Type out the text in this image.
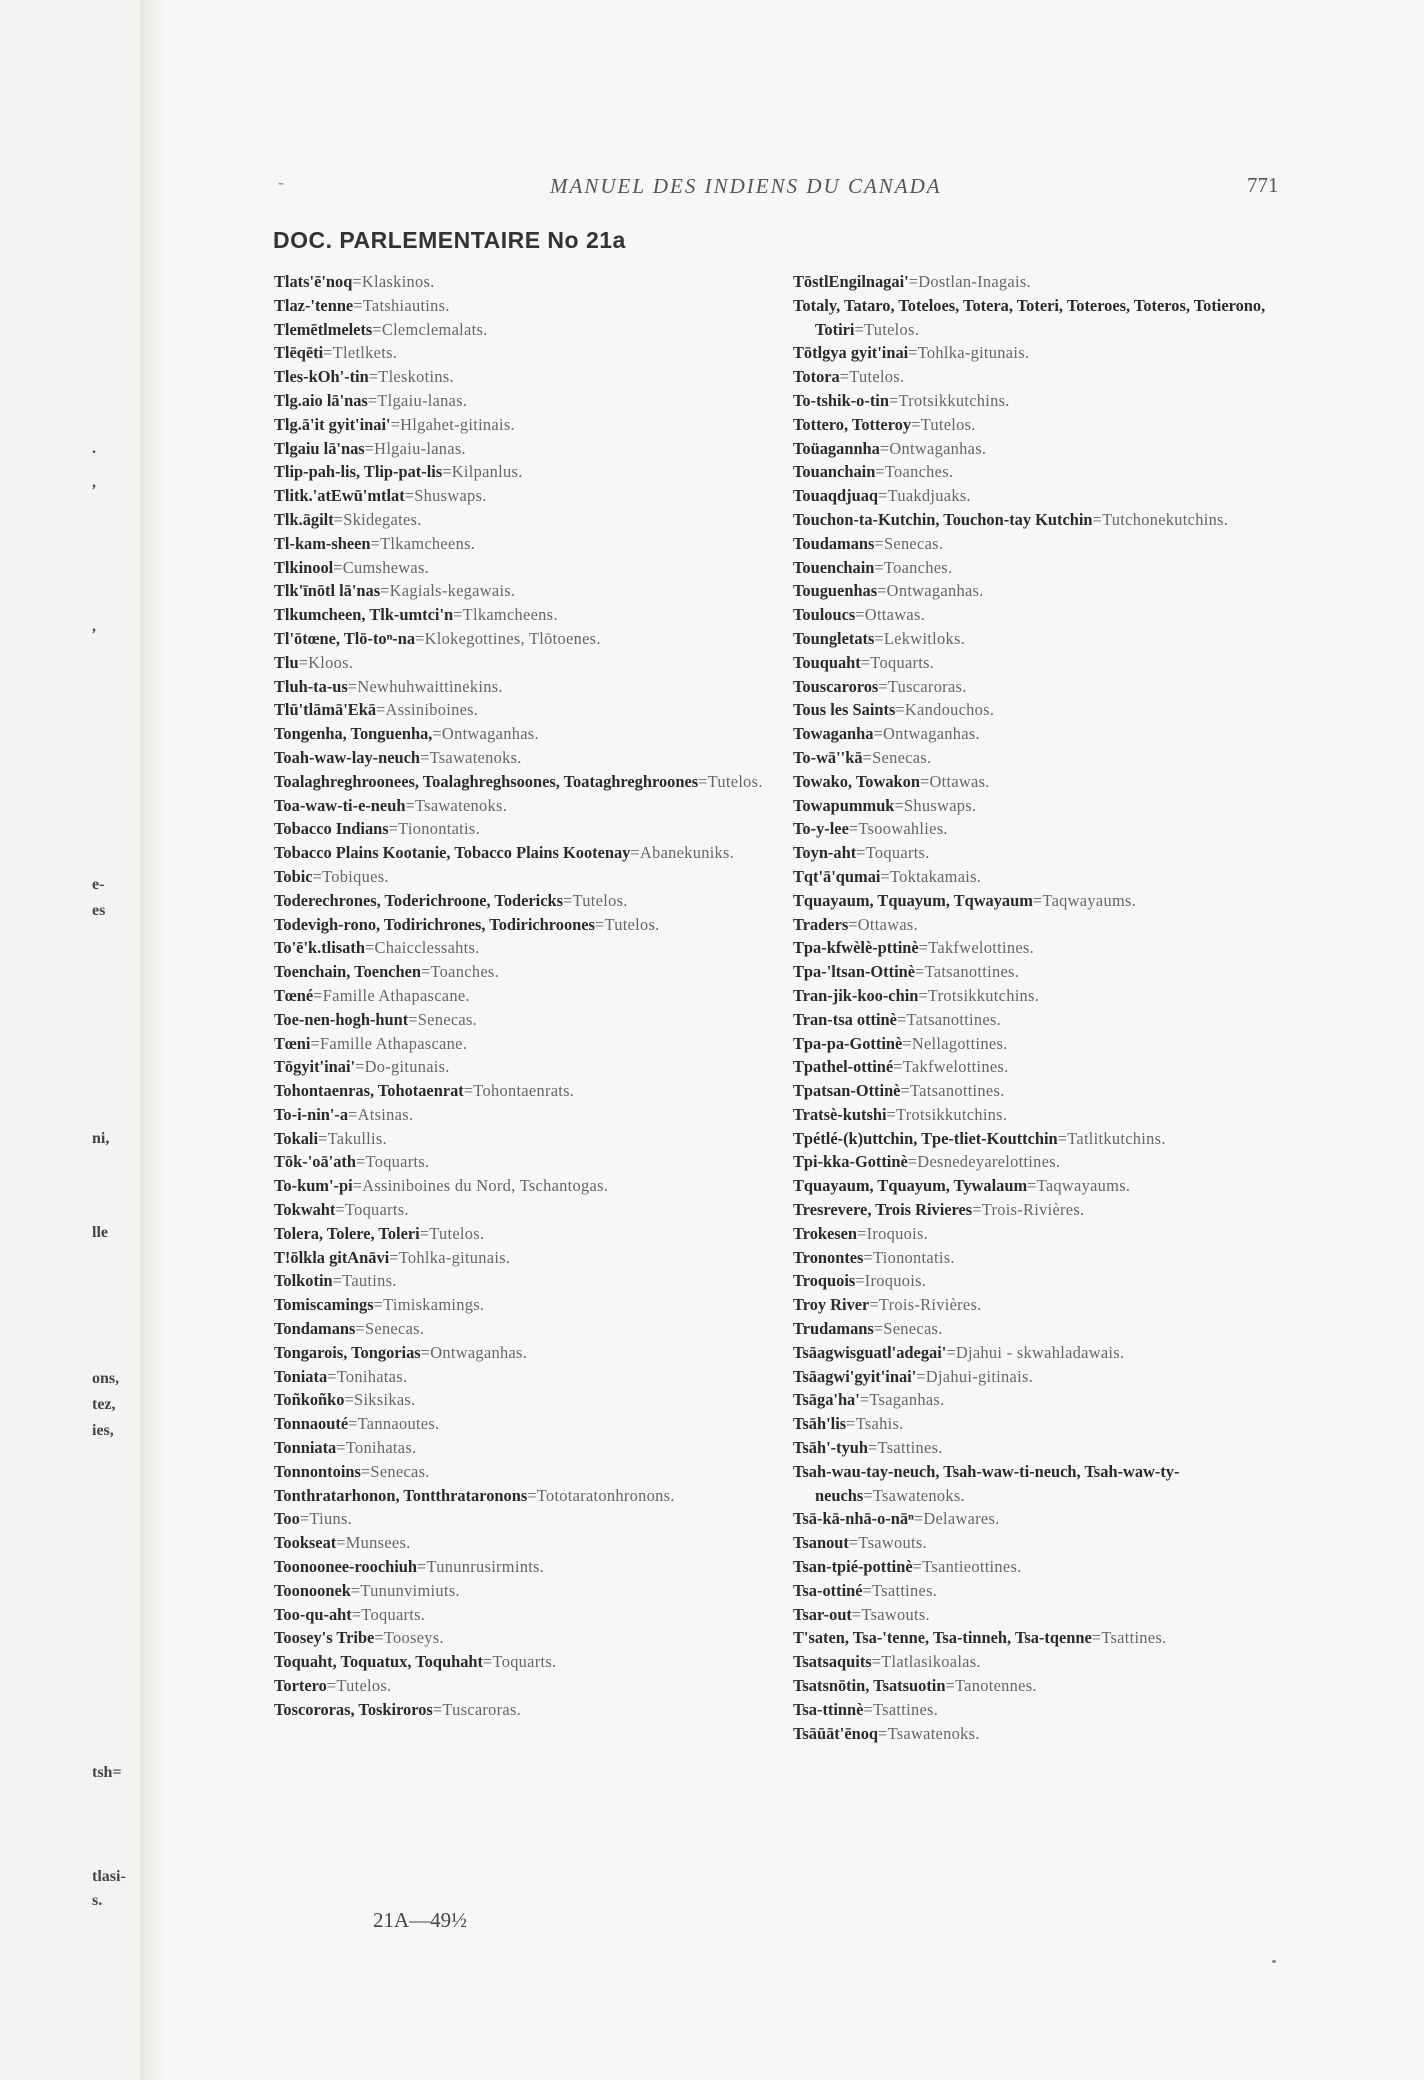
.
,
,
e-
es
ni,
lle
ons,
tez,
ies,
tsh=
tlasi-
s.
-	MANUEL DES INDIENS DU CANADA	771
DOC. PARLEMENTAIRE No 21a
Tlats'ē'noq=Klaskinos.
Tlaz-'tenne=Tatshiautins.
Tlemētlmelets=Clemclemalats.
Tlēqēti=Tletlkets.
Tles-kOh'-tin=Tleskotins.
Tlg.aio lā'nas=Tlgaiu-lanas.
Tlg.ā'it gyit'inai'=Hlgahet-gitinais.
Tlgaiu lā'nas=Hlgaiu-lanas.
Tlip-pah-lis, Tlip-pat-lis=Kilpanlus.
Tlitk.'atEwū'mtlat=Shuswaps.
Tlk.āgilt=Skidegates.
Tl-kam-sheen=Tlkamcheens.
Tlkinool=Cumshewas.
Tlk'īnōtl lā'nas=Kagials-kegawais.
Tlkumcheen, Tlk-umtci'n=Tlkamcheens.
Tl'ōtœne, Tlō-toⁿ-na=Klokegottines, Tlōtoenes.
Tlu=Kloos.
Tluh-ta-us=Newhuhwaittinekins.
Tlū'tlāmā'Ekā=Assiniboines.
Tongenha, Tonguenha,=Ontwaganhas.
Toah-waw-lay-neuch=Tsawatenoks.
Toalaghreghroonees, Toalaghreghsoones, Toataghreghroones=Tutelos.
Toa-waw-ti-e-neuh=Tsawatenoks.
Tobacco Indians=Tionontatis.
Tobacco Plains Kootanie, Tobacco Plains Kootenay=Abanekuniks.
Tobic=Tobiques.
Toderechrones, Toderichroone, Todericks=Tutelos.
Todevigh-rono, Todirichrones, Todirichroones=Tutelos.
To'ē'k.tlisath=Chaicclessahts.
Toenchain, Toenchen=Toanches.
Tœné=Famille Athapascane.
Toe-nen-hogh-hunt=Senecas.
Tœni=Famille Athapascane.
Tōgyit'inai'=Do-gitunais.
Tohontaenras, Tohotaenrat=Tohontaenrats.
To-i-nin'-a=Atsinas.
Tokali=Takullis.
Tōk-'oā'ath=Toquarts.
To-kum'-pi=Assiniboines du Nord, Tschantogas.
Tokwaht=Toquarts.
Tolera, Tolere, Toleri=Tutelos.
T!ōlkla gitAnāvi=Tohlka-gitunais.
Tolkotin=Tautins.
Tomiscamings=Timiskamings.
Tondamans=Senecas.
Tongarois, Tongorias=Ontwaganhas.
Toniata=Tonihatas.
Toñkoñko=Siksikas.
Tonnaouté=Tannaoutes.
Tonniata=Tonihatas.
Tonnontoins=Senecas.
Tonthratarhonon, Tontthrataronons=Tototaratonhronons.
Too=Tiuns.
Tookseat=Munsees.
Toonoonee-roochiuh=Tununrusirmints.
Toonoonek=Tununvimiuts.
Too-qu-aht=Toquarts.
Toosey's Tribe=Tooseys.
Toquaht, Toquatux, Toquhaht=Toquarts.
Tortero=Tutelos.
Toscororas, Toskiroros=Tuscaroras.
TōstlEngilnagai'=Dostlan-Inagais.
Totaly, Tataro, Toteloes, Totera, Toteri, Toteroes, Toteros, Totierono, Totiri=Tutelos.
Tōtlgya gyit'inai=Tohlka-gitunais.
Totora=Tutelos.
To-tshik-o-tin=Trotsikkutchins.
Tottero, Totteroy=Tutelos.
Toüagannha=Ontwaganhas.
Touanchain=Toanches.
Touaqdjuaq=Tuakdjuaks.
Touchon-ta-Kutchin, Touchon-tay Kutchin=Tutchonekutchins.
Toudamans=Senecas.
Touenchain=Toanches.
Touguenhas=Ontwaganhas.
Touloucs=Ottawas.
Toungletats=Lekwitloks.
Touquaht=Toquarts.
Touscaroros=Tuscaroras.
Tous les Saints=Kandouchos.
Towaganha=Ontwaganhas.
To-wā''kā=Senecas.
Towako, Towakon=Ottawas.
Towapummuk=Shuswaps.
To-y-lee=Tsoowahlies.
Toyn-aht=Toquarts.
Tqt'ā'qumai=Toktakamais.
Tquayaum, Tquayum, Tqwayaum=Taqwayaums.
Traders=Ottawas.
Tpa-kfwèlè-pttinè=Takfwelottines.
Tpa-'ltsan-Ottinè=Tatsanottines.
Tran-jik-koo-chin=Trotsikkutchins.
Tran-tsa ottinè=Tatsanottines.
Tpa-pa-Gottinè=Nellagottines.
Tpathel-ottiné=Takfwelottines.
Tpatsan-Ottinè=Tatsanottines.
Tratsè-kutshi=Trotsikkutchins.
Tpétlé-(k)uttchin, Tpe-tliet-Kouttchin=Tatlitkutchins.
Tpi-kka-Gottinè=Desnedeyarelottines.
Tquayaum, Tquayum, Tywalaum=Taqwayaums.
Tresrevere, Trois Rivieres=Trois-Rivières.
Trokesen=Iroquois.
Tronontes=Tionontatis.
Troquois=Iroquois.
Troy River=Trois-Rivières.
Trudamans=Senecas.
Tsāagwisguatl'adegai'=Djahui - skwahladawais.
Tsāagwi'gyit'inai'=Djahui-gitinais.
Tsāga'ha'=Tsaganhas.
Tsāh'lis=Tsahis.
Tsāh'-tyuh=Tsattines.
Tsah-wau-tay-neuch, Tsah-waw-ti-neuch, Tsah-waw-ty-neuchs=Tsawatenoks.
Tsā-kā-nhā-o-nāⁿ=Delawares.
Tsanout=Tsawouts.
Tsan-tpié-pottinè=Tsantieottines.
Tsa-ottiné=Tsattines.
Tsar-out=Tsawouts.
T'saten, Tsa-'tenne, Tsa-tinneh, Tsa-tqenne=Tsattines.
Tsatsaquits=Tlatlasikoalas.
Tsatsnōtin, Tsatsuotin=Tanotennes.
Tsa-ttinnè=Tsattines.
Tsāūāt'ēnoq=Tsawatenoks.
21A—49½
